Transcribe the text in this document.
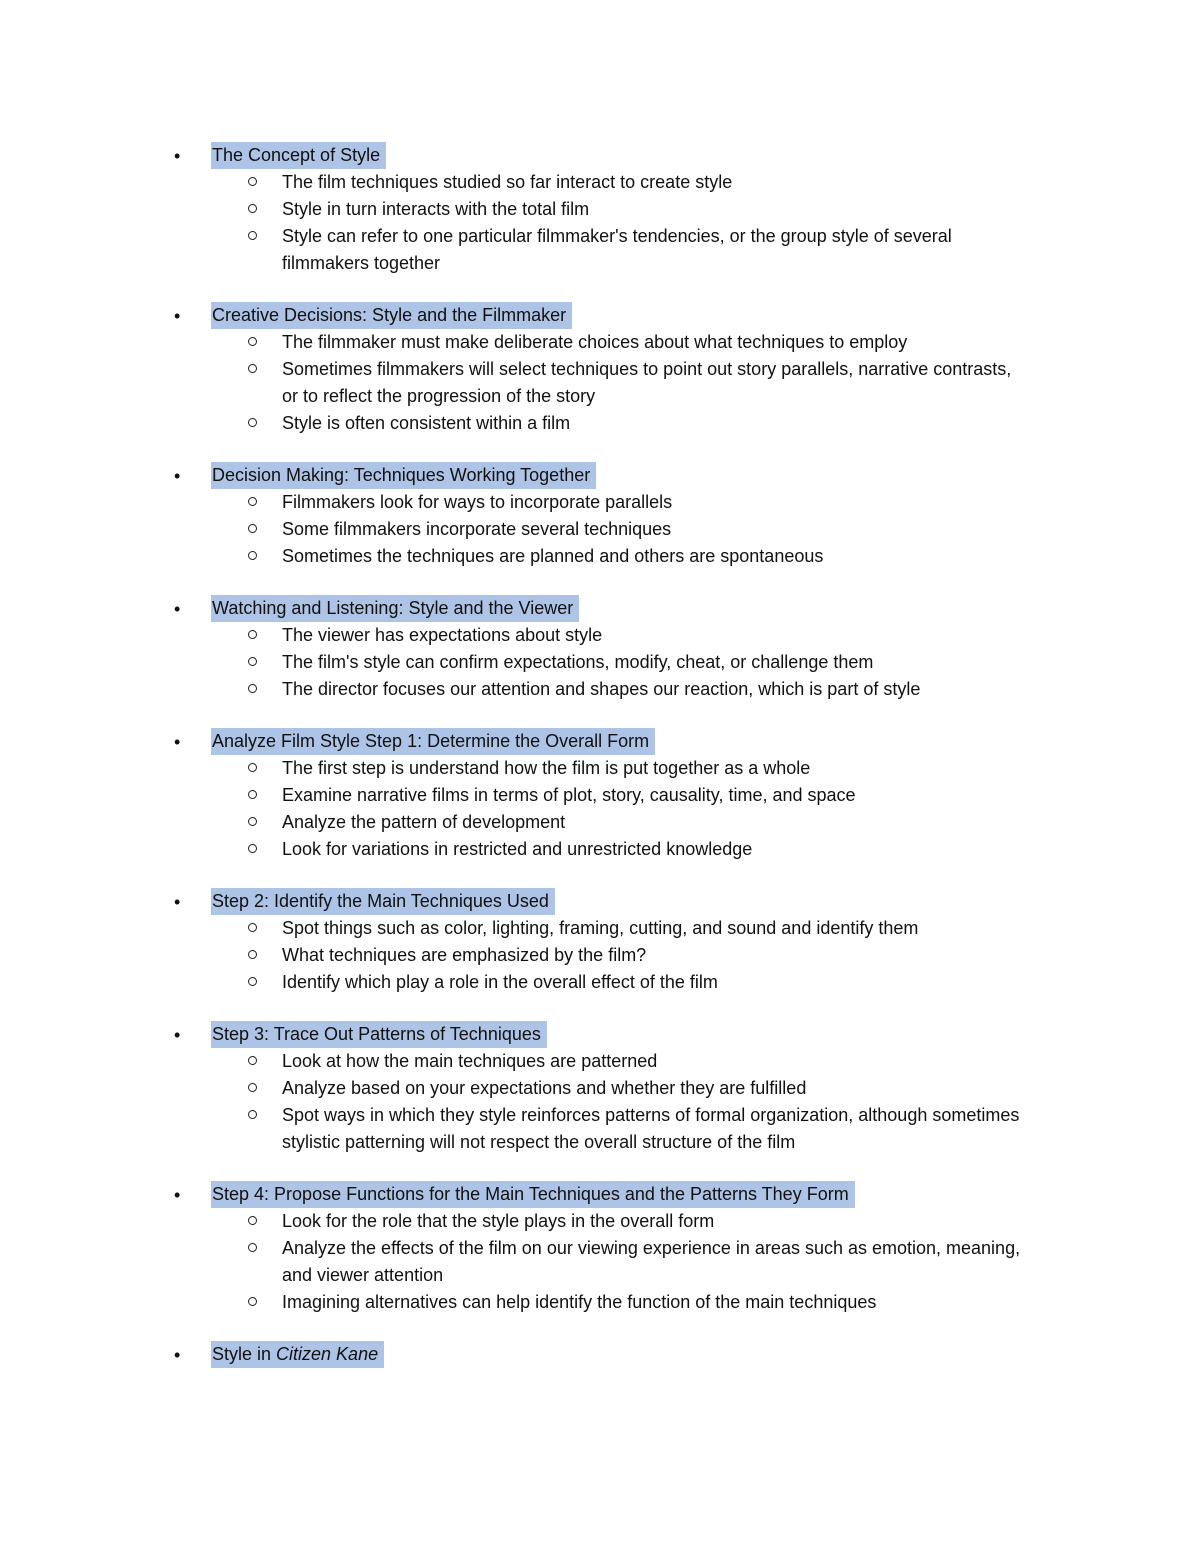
• The Concept of Style
The film techniques studied so far interact to create style
Style in turn interacts with the total film
Style can refer to one particular filmmaker's tendencies, or the group style of several filmmakers together
• Creative Decisions: Style and the Filmmaker
The filmmaker must make deliberate choices about what techniques to employ
Sometimes filmmakers will select techniques to point out story parallels, narrative contrasts, or to reflect the progression of the story
Style is often consistent within a film
• Decision Making: Techniques Working Together
Filmmakers look for ways to incorporate parallels
Some filmmakers incorporate several techniques
Sometimes the techniques are planned and others are spontaneous
• Watching and Listening: Style and the Viewer
The viewer has expectations about style
The film's style can confirm expectations, modify, cheat, or challenge them
The director focuses our attention and shapes our reaction, which is part of style
• Analyze Film Style Step 1: Determine the Overall Form
The first step is understand how the film is put together as a whole
Examine narrative films in terms of plot, story, causality, time, and space
Analyze the pattern of development
Look for variations in restricted and unrestricted knowledge
• Step 2: Identify the Main Techniques Used
Spot things such as color, lighting, framing, cutting, and sound and identify them
What techniques are emphasized by the film?
Identify which play a role in the overall effect of the film
• Step 3: Trace Out Patterns of Techniques
Look at how the main techniques are patterned
Analyze based on your expectations and whether they are fulfilled
Spot ways in which they style reinforces patterns of formal organization, although sometimes stylistic patterning will not respect the overall structure of the film
• Step 4: Propose Functions for the Main Techniques and the Patterns They Form
Look for the role that the style plays in the overall form
Analyze the effects of the film on our viewing experience in areas such as emotion, meaning, and viewer attention
Imagining alternatives can help identify the function of the main techniques
• Style in Citizen Kane
